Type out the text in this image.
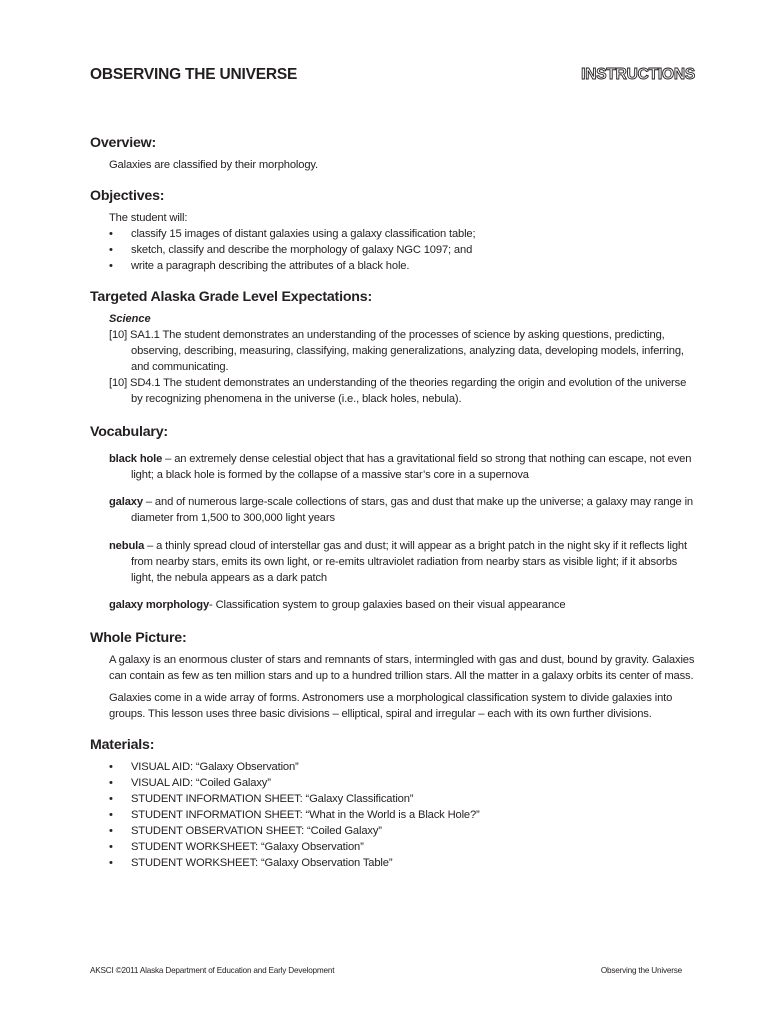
OBSERVING THE UNIVERSE	INSTRUCTIONS
Overview:

Galaxies are classified by their morphology.

Objectives:

The student will:

• classify 15 images of distant galaxies using a galaxy classification table;
• sketch, classify and describe the morphology of galaxy NGC 1097; and
• write a paragraph describing the attributes of a black hole.
Targeted Alaska Grade Level Expectations:
Science

[10] SA1.1 The student demonstrates an understanding of the processes of science by asking questions, predicting, observing, describing, measuring, classifying, making generalizations, analyzing data, developing models, inferring, and communicating.

[10] SD4.1 The student demonstrates an understanding of the theories regarding the origin and evolution of the universe by recognizing phenomena in the universe (i.e., black holes, nebula).

Vocabulary:

black hole – an extremely dense celestial object that has a gravitational field so strong that nothing can escape, not even light; a black hole is formed by the collapse of a massive star’s core in a supernova

galaxy – and of numerous large-scale collections of stars, gas and dust that make up the universe; a galaxy may range in diameter from 1,500 to 300,000 light years

nebula – a thinly spread cloud of interstellar gas and dust; it will appear as a bright patch in the night sky if it reflects light from nearby stars, emits its own light, or re-emits ultraviolet radiation from nearby stars as visible light; if it absorbs light, the nebula appears as a dark patch

galaxy morphology- Classification system to group galaxies based on their visual appearance

Whole Picture:

A galaxy is an enormous cluster of stars and remnants of stars, intermingled with gas and dust, bound by gravity. Galaxies can contain as few as ten million stars and up to a hundred trillion stars. All the matter in a galaxy orbits its center of mass.

Galaxies come in a wide array of forms. Astronomers use a morphological classification system to divide galaxies into groups. This lesson uses three basic divisions – elliptical, spiral and irregular – each with its own further divisions.

Materials:
• VISUAL AID: “Galaxy Observation”
• VISUAL AID: “Coiled Galaxy”
• STUDENT INFORMATION SHEET: “Galaxy Classification”
• STUDENT INFORMATION SHEET: “What in the World is a Black Hole?”
• STUDENT OBSERVATION SHEET: “Coiled Galaxy”
• STUDENT WORKSHEET: “Galaxy Observation”
• STUDENT WORKSHEET: “Galaxy Observation Table”
AKSCI ©2011 Alaska Department of Education and Early Development	Observing the Universe
